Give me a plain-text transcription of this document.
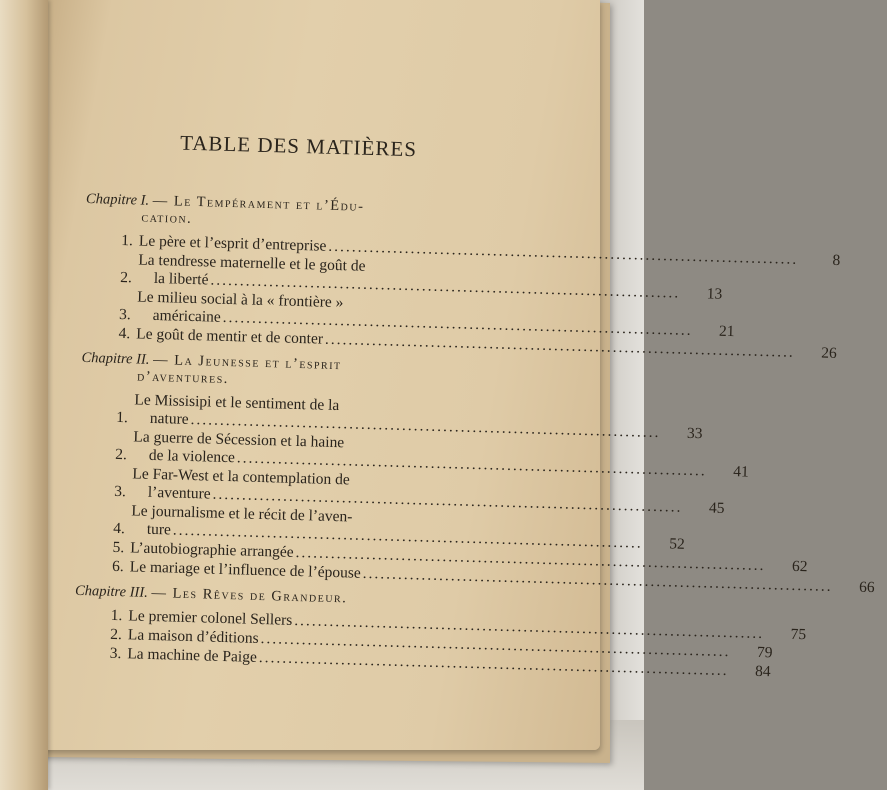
TABLE DES MATIÈRES
Chapitre I. — Le Tempérament et l’Édu-
cation.
1. Le père et l’esprit d’entreprise
.....
8
2.
La tendresse maternelle et le goût de
la liberté
.....
13
3.
Le milieu social à la « frontière »
américaine
.....
21
4. Le goût de mentir et de conter
.....
26
Chapitre II. — La Jeunesse et l’esprit
d’aventures.
1.
Le Missisipi et le sentiment de la
nature
.....
33
2.
La guerre de Sécession et la haine
de la violence
.....
41
3.
Le Far-West et la contemplation de
l’aventure
.....
45
4.
Le journalisme et le récit de l’aven-
ture
.....
52
5. L’autobiographie arrangée
.....
62
6. Le mariage et l’influence de l’épouse
.....
66
Chapitre III. — Les Rêves de Grandeur.
1. Le premier colonel Sellers
.....
75
2. La maison d’éditions
.....
79
3. La machine de Paige
.....
84
